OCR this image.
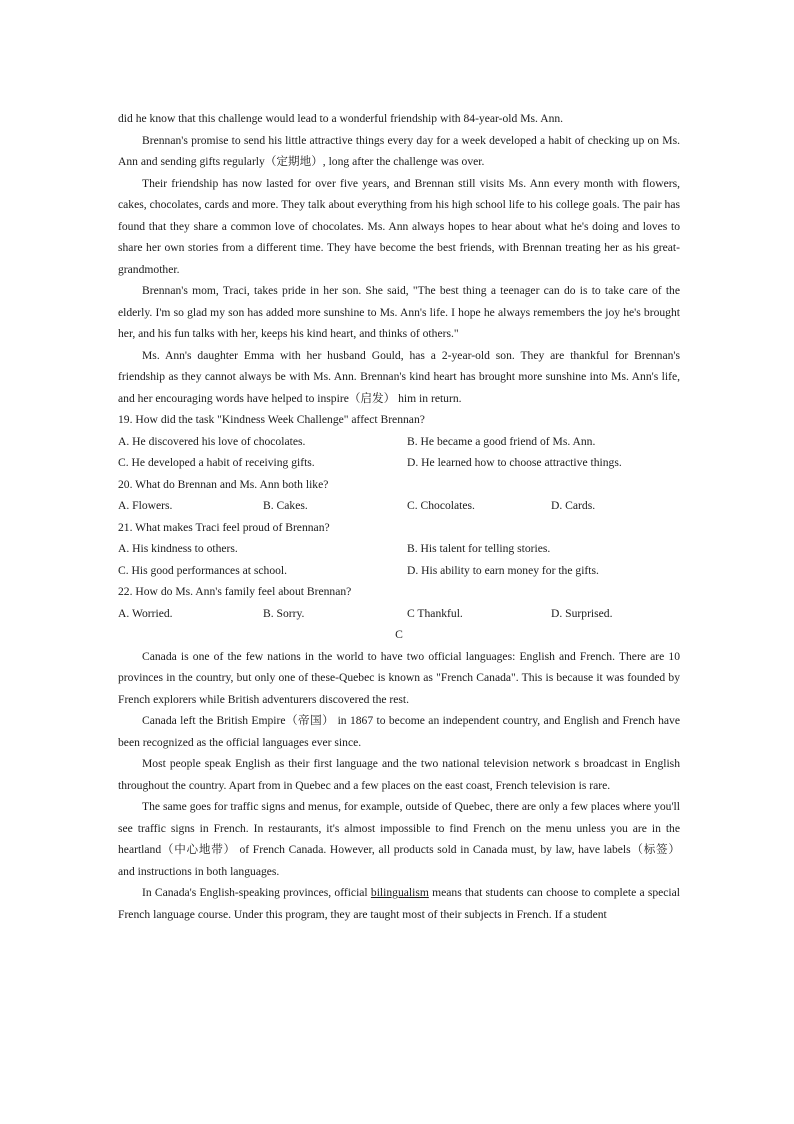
did he know that this challenge would lead to a wonderful friendship with 84-year-old Ms. Ann.

Brennan's promise to send his little attractive things every day for a week developed a habit of checking up on Ms. Ann and sending gifts regularly（定期地）, long after the challenge was over.

Their friendship has now lasted for over five years, and Brennan still visits Ms. Ann every month with flowers, cakes, chocolates, cards and more. They talk about everything from his high school life to his college goals. The pair has found that they share a common love of chocolates. Ms. Ann always hopes to hear about what he's doing and loves to share her own stories from a different time. They have become the best friends, with Brennan treating her as his great- grandmother.

Brennan's mom, Traci, takes pride in her son. She said, "The best thing a teenager can do is to take care of the elderly. I'm so glad my son has added more sunshine to Ms. Ann's life. I hope he always remembers the joy he's brought her, and his fun talks with her, keeps his kind heart, and thinks of others."

Ms. Ann's daughter Emma with her husband Gould, has a 2-year-old son. They are thankful for Brennan's friendship as they cannot always be with Ms. Ann. Brennan's kind heart has brought more sunshine into Ms. Ann's life, and her encouraging words have helped to inspire（启发） him in return.

19. How did the task "Kindness Week Challenge" affect Brennan?

A. He discovered his love of chocolates.	B. He became a good friend of Ms. Ann.
C. He developed a habit of receiving gifts.	D. He learned how to choose attractive things.

20. What do Brennan and Ms. Ann both like?

A. Flowers.	B. Cakes.	C. Chocolates.	D. Cards.

21. What makes Traci feel proud of Brennan?

A. His kindness to others.	B. His talent for telling stories.
C. His good performances at school.	D. His ability to earn money for the gifts.

22. How do Ms. Ann's family feel about Brennan?

A. Worried.	B. Sorry.	C Thankful.	D. Surprised.

C

Canada is one of the few nations in the world to have two official languages: English and French. There are 10 provinces in the country, but only one of these-Quebec is known as "French Canada". This is because it was founded by French explorers while British adventurers discovered the rest.

Canada left the British Empire（帝国） in 1867 to become an independent country, and English and French have been recognized as the official languages ever since.

Most people speak English as their first language and the two national television network s broadcast in English throughout the country. Apart from in Quebec and a few places on the east coast, French television is rare.

The same goes for traffic signs and menus, for example, outside of Quebec, there are only a few places where you'll see traffic signs in French. In restaurants, it's almost impossible to find French on the menu unless you are in the heartland（中心地带） of French Canada. However, all products sold in Canada must, by law, have labels（标签） and instructions in both languages.

In Canada's English-speaking provinces, official bilingualism means that students can choose to complete a special French language course. Under this program, they are taught most of their subjects in French. If a student
